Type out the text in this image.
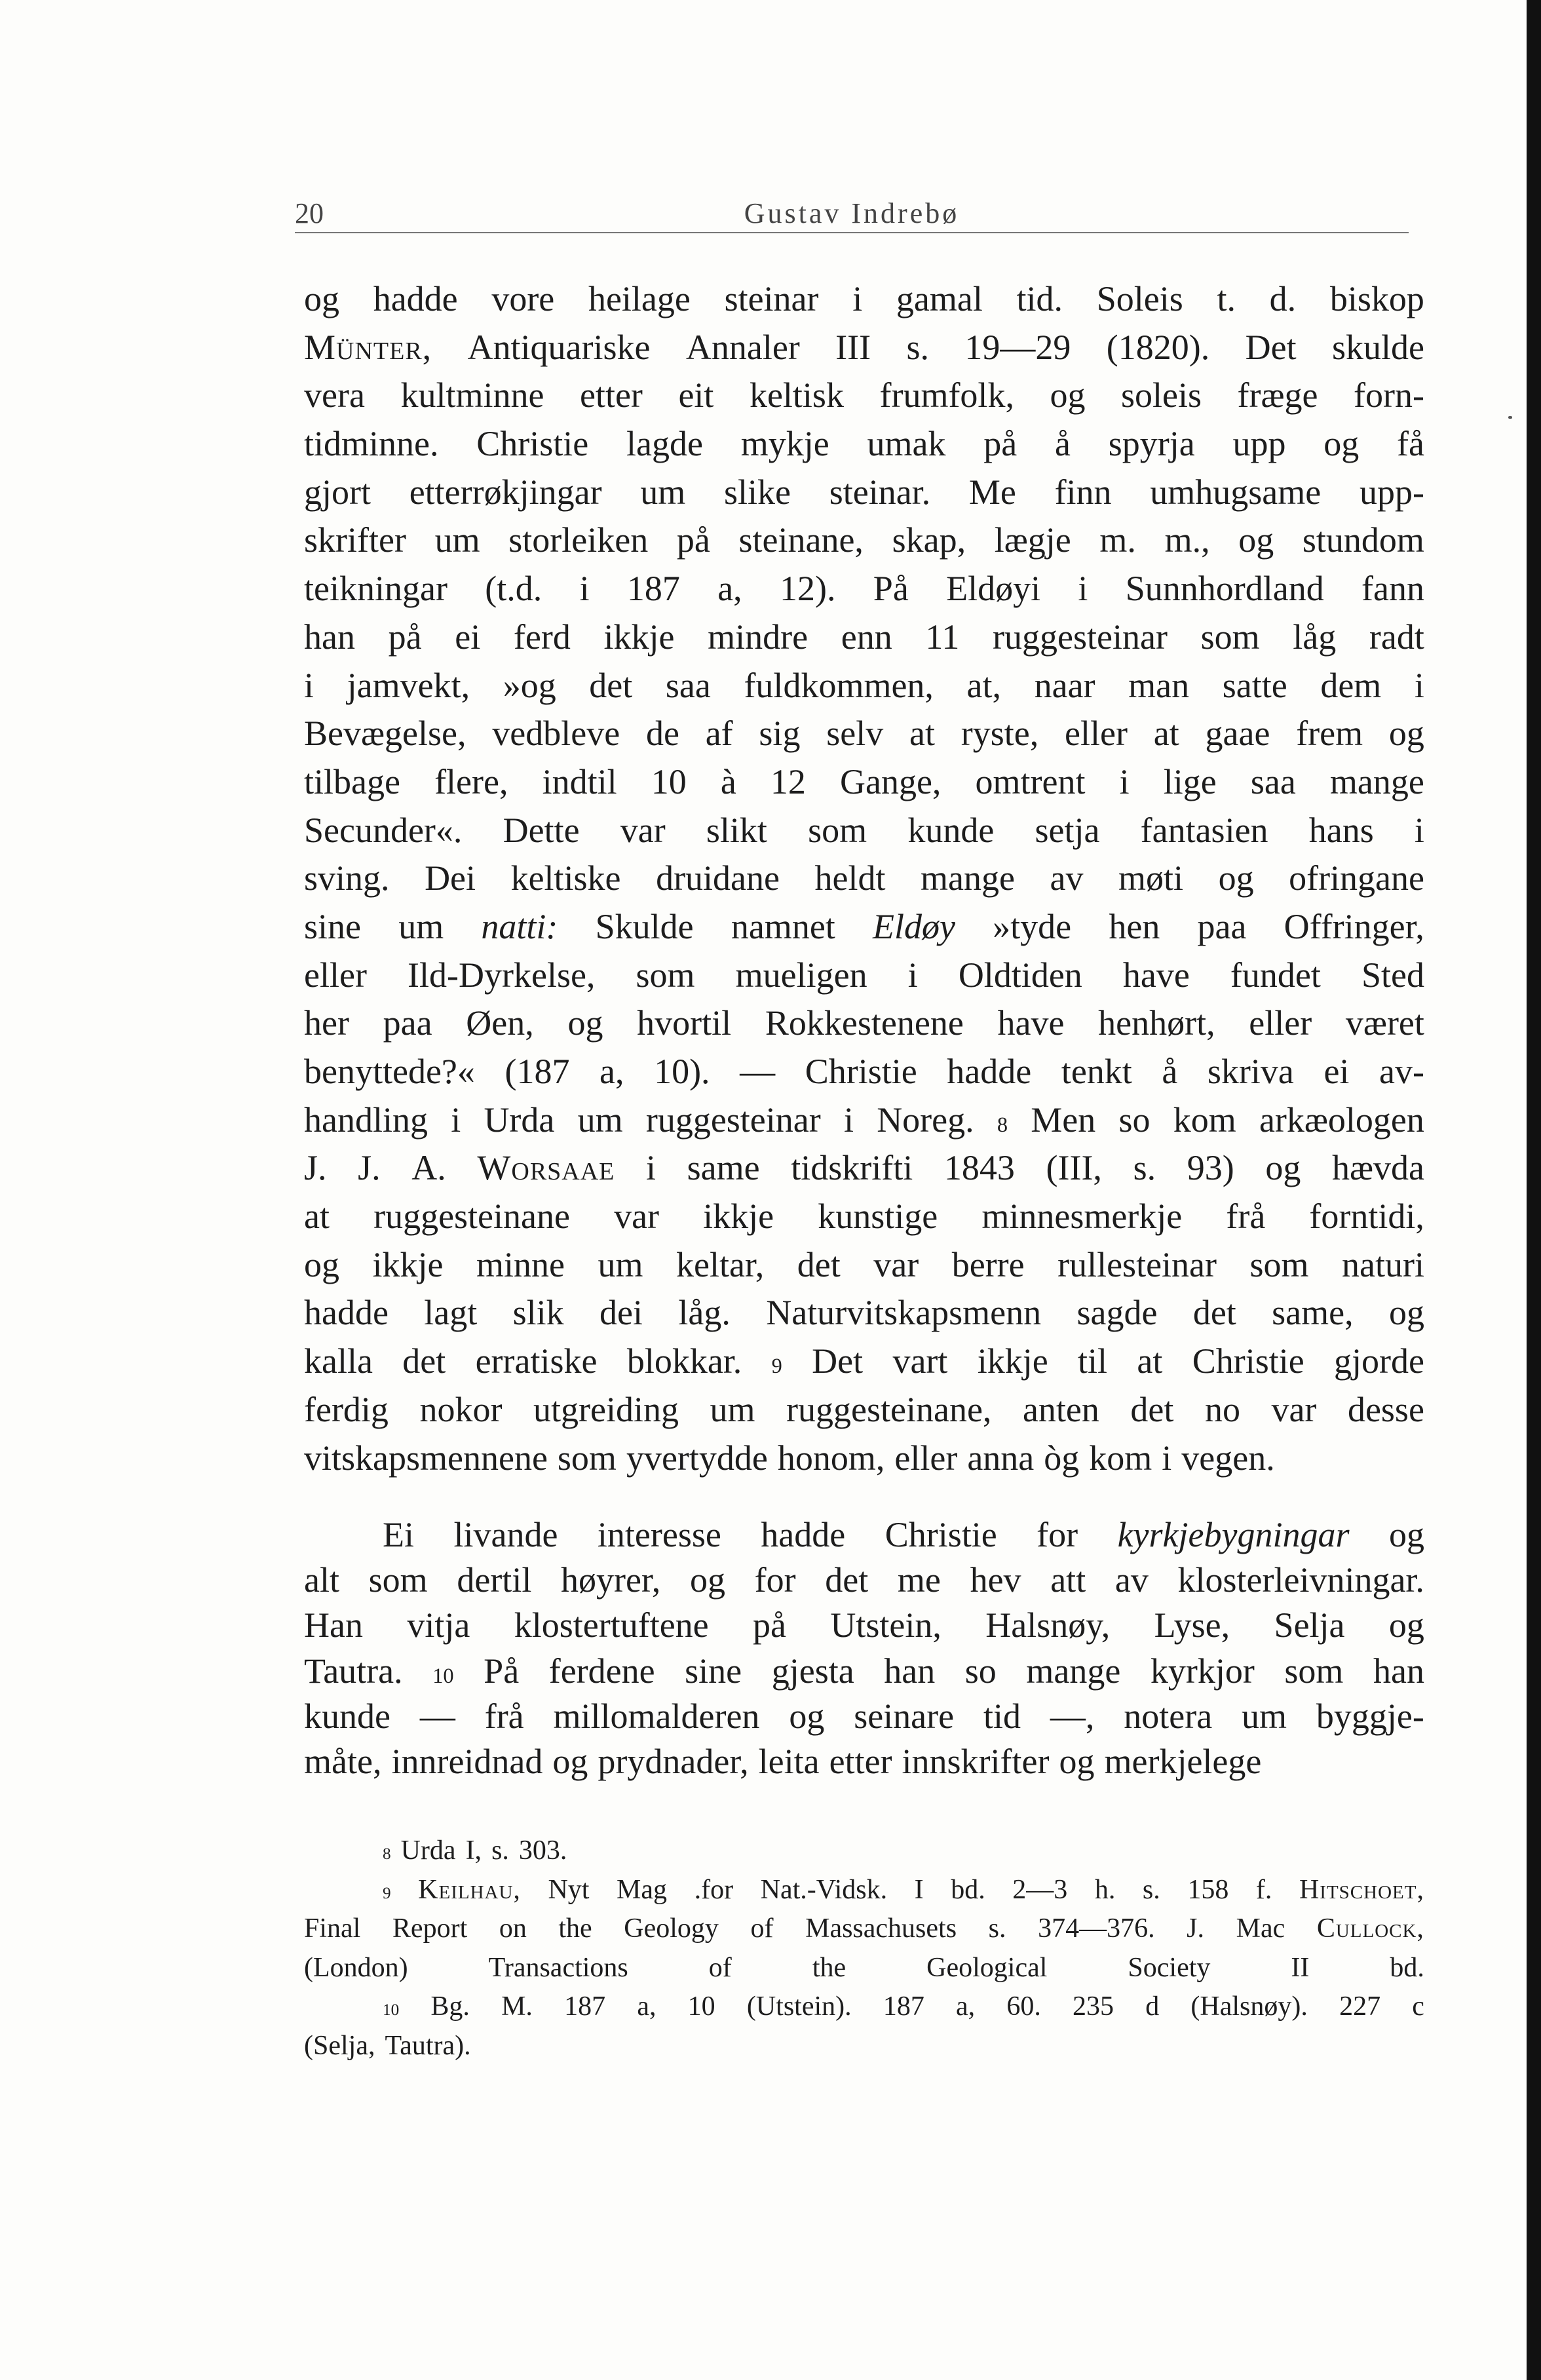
20	Gustav Indrebø
og hadde vore heilage steinar i gamal tid. Soleis t. d. biskop
Münter, Antiquariske Annaler III s. 19—29 (1820). Det skulde
vera kultminne etter eit keltisk frumfolk, og soleis fræge forn-
tidminne. Christie lagde mykje umak på å spyrja upp og få
gjort etterrøkjingar um slike steinar. Me finn umhugsame upp-
skrifter um storleiken på steinane, skap, lægje m. m., og stundom
teikningar (t.d. i 187 a, 12). På Eldøyi i Sunnhordland fann
han på ei ferd ikkje mindre enn 11 ruggesteinar som låg radt
i jamvekt, »og det saa fuldkommen, at, naar man satte dem i
Bevægelse, vedbleve de af sig selv at ryste, eller at gaae frem og
tilbage flere, indtil 10 à 12 Gange, omtrent i lige saa mange
Secunder«. Dette var slikt som kunde setja fantasien hans i
sving. Dei keltiske druidane heldt mange av møti og ofringane
sine um natti: Skulde namnet Eldøy »tyde hen paa Offringer,
eller Ild-Dyrkelse, som mueligen i Oldtiden have fundet Sted
her paa Øen, og hvortil Rokkestenene have henhørt, eller været
benyttede?« (187 a, 10). — Christie hadde tenkt å skriva ei av-
handling i Urda um ruggesteinar i Noreg. 8 Men so kom arkæologen
J. J. A. Worsaae i same tidskrifti 1843 (III, s. 93) og hævda
at ruggesteinane var ikkje kunstige minnesmerkje frå forntidi,
og ikkje minne um keltar, det var berre rullesteinar som naturi
hadde lagt slik dei låg. Naturvitskapsmenn sagde det same, og
kalla det erratiske blokkar. 9 Det vart ikkje til at Christie gjorde
ferdig nokor utgreiding um ruggesteinane, anten det no var desse
vitskapsmennene som yvertydde honom, eller anna òg kom i vegen.
Ei livande interesse hadde Christie for kyrkjebygningar og
alt som dertil høyrer, og for det me hev att av klosterleivningar.
Han vitja klostertuftene på Utstein, Halsnøy, Lyse, Selja og
Tautra. 10 På ferdene sine gjesta han so mange kyrkjor som han
kunde — frå millomalderen og seinare tid —, notera um byggje-
måte, innreidnad og prydnader, leita etter innskrifter og merkjelege
8 Urda I, s. 303.
9 Keilhau, Nyt Mag .for Nat.-Vidsk. I bd. 2—3 h. s. 158 f. Hitschoet,
Final Report on the Geology of Massachusets s. 374—376. J. Mac Cullock,
(London)	Transactions	of	the	Geological	Society	II	bd.
10 Bg. M. 187 a, 10 (Utstein). 187 a, 60. 235 d (Halsnøy). 227 c
(Selja, Tautra).
